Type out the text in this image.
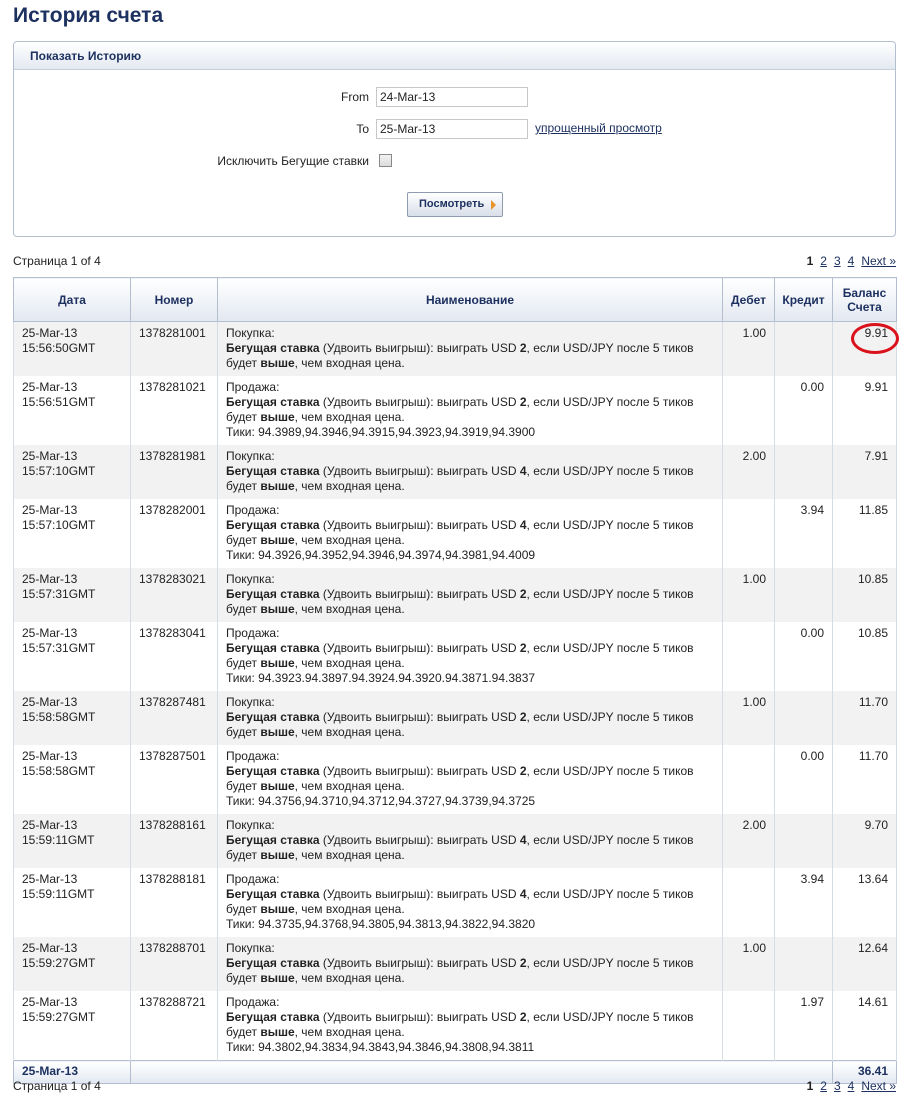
История счета
Показать Историю
From
24-Mar-13
To
25-Mar-13	упрощенный просмотр
Исключить Бегущие ставки
Посмотреть
Страница 1 of 4	1 2 3 4 Next »
Дата	Номер	Наименование	Дебет	Кредит	Баланс
Счета
25-Mar-13
15:56:50GMT	1378281001	Покупка:
Бегущая ставка (Удвоить выигрыш): выиграть USD 2, если USD/JPY после 5 тиков
будет выше, чем входная цена.	1.00		9.91

25-Mar-13
15:56:51GMT	1378281021	Продажа:
Бегущая ставка (Удвоить выигрыш): выиграть USD 2, если USD/JPY после 5 тиков
будет выше, чем входная цена.
Тики: 94.3989,94.3946,94.3915,94.3923,94.3919,94.3900		0.00	9.91
25-Mar-13
15:57:10GMT	1378281981	Покупка:
Бегущая ставка (Удвоить выигрыш): выиграть USD 4, если USD/JPY после 5 тиков
будет выше, чем входная цена.	2.00		7.91
25-Mar-13
15:57:10GMT	1378282001	Продажа:
Бегущая ставка (Удвоить выигрыш): выиграть USD 4, если USD/JPY после 5 тиков
будет выше, чем входная цена.
Тики: 94.3926,94.3952,94.3946,94.3974,94.3981,94.4009		3.94	11.85
25-Mar-13
15:57:31GMT	1378283021	Покупка:
Бегущая ставка (Удвоить выигрыш): выиграть USD 2, если USD/JPY после 5 тиков
будет выше, чем входная цена.	1.00		10.85
25-Mar-13
15:57:31GMT	1378283041	Продажа:
Бегущая ставка (Удвоить выигрыш): выиграть USD 2, если USD/JPY после 5 тиков
будет выше, чем входная цена.
Тики: 94.3923.94.3897.94.3924.94.3920.94.3871.94.3837		0.00	10.85
25-Mar-13
15:58:58GMT	1378287481	Покупка:
Бегущая ставка (Удвоить выигрыш): выиграть USD 2, если USD/JPY после 5 тиков
будет выше, чем входная цена.	1.00		11.70
25-Mar-13
15:58:58GMT	1378287501	Продажа:
Бегущая ставка (Удвоить выигрыш): выиграть USD 2, если USD/JPY после 5 тиков
будет выше, чем входная цена.
Тики: 94.3756,94.3710,94.3712,94.3727,94.3739,94.3725		0.00	11.70
25-Mar-13
15:59:11GMT	1378288161	Покупка:
Бегущая ставка (Удвоить выигрыш): выиграть USD 4, если USD/JPY после 5 тиков
будет выше, чем входная цена.	2.00		9.70
25-Mar-13
15:59:11GMT	1378288181	Продажа:
Бегущая ставка (Удвоить выигрыш): выиграть USD 4, если USD/JPY после 5 тиков
будет выше, чем входная цена.
Тики: 94.3735,94.3768,94.3805,94.3813,94.3822,94.3820		3.94	13.64
25-Mar-13
15:59:27GMT	1378288701	Покупка:
Бегущая ставка (Удвоить выигрыш): выиграть USD 2, если USD/JPY после 5 тиков
будет выше, чем входная цена.	1.00		12.64
25-Mar-13
15:59:27GMT	1378288721	Продажа:
Бегущая ставка (Удвоить выигрыш): выиграть USD 2, если USD/JPY после 5 тиков
будет выше, чем входная цена.
Тики: 94.3802,94.3834,94.3843,94.3846,94.3808,94.3811		1.97	14.61
25-Mar-13					36.41
Страница 1 of 4	1 2 3 4 Next »
